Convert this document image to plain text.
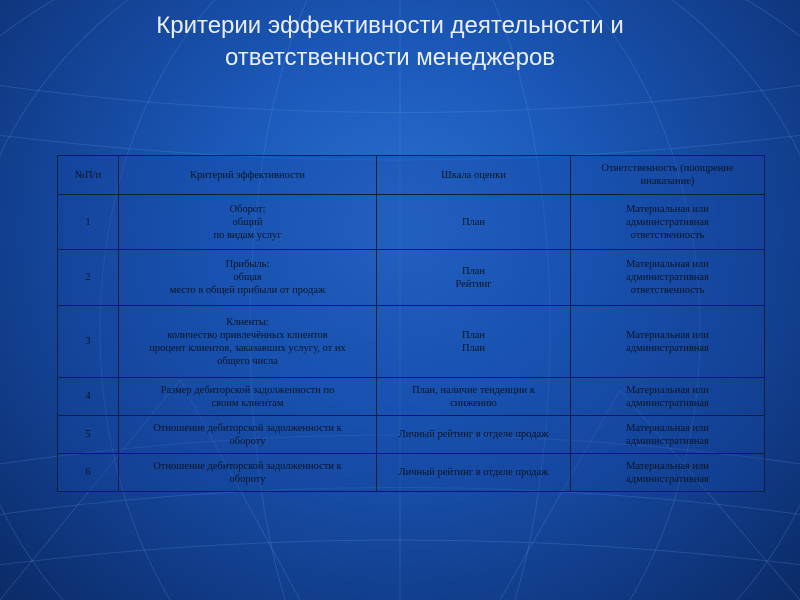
Критерии эффективности деятельности и
ответственности менеджеров
№П/п	Критерий эффективности	Шкала оценки	Ответственность (поощрение инаказание)
1	Оборот:
общий
по видам услуг	План	Материальная или
административная
ответственность

2	Прибыль:
общая
место в общей прибыли от продаж	План
Рейтинг	Материальная или
административная
ответственность

3	Клиенты:
количество привлечённых клиентов
процент клиентов, заказавших услугу, от их
общего числа	План
План	Материальная или
административная

4	Размер дебиторской задолженности по
своим клиентам	План, наличие тенденции к
снижению	Материальная или
административная

5	Отношение дебиторской задолженности к
обороту	Личный рейтинг в отделе продаж	Материальная или
административная

6	Отношение дебиторской задолженности к
обороту	Личный рейтинг в отделе продаж	Материальная или
административная
